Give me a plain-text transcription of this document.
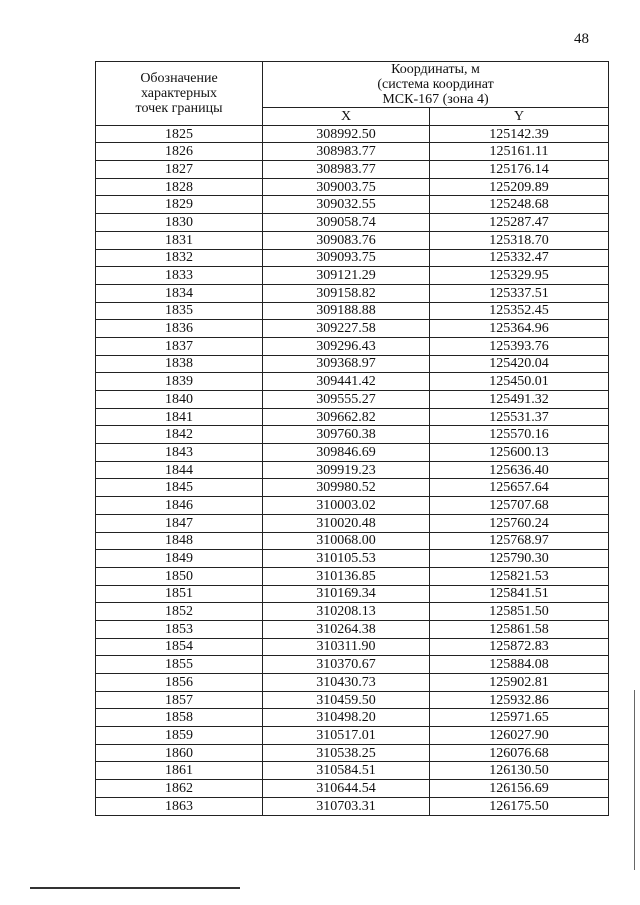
48
Обозначение
характерных
точек границы	Координаты, м
(система координат
МСК-167 (зона 4)	
	X	Y
1825	308992.50	125142.39
1826	308983.77	125161.11
1827	308983.77	125176.14
1828	309003.75	125209.89
1829	309032.55	125248.68
1830	309058.74	125287.47
1831	309083.76	125318.70
1832	309093.75	125332.47
1833	309121.29	125329.95
1834	309158.82	125337.51
1835	309188.88	125352.45
1836	309227.58	125364.96
1837	309296.43	125393.76
1838	309368.97	125420.04
1839	309441.42	125450.01
1840	309555.27	125491.32
1841	309662.82	125531.37
1842	309760.38	125570.16
1843	309846.69	125600.13
1844	309919.23	125636.40
1845	309980.52	125657.64
1846	310003.02	125707.68
1847	310020.48	125760.24
1848	310068.00	125768.97
1849	310105.53	125790.30
1850	310136.85	125821.53
1851	310169.34	125841.51
1852	310208.13	125851.50
1853	310264.38	125861.58
1854	310311.90	125872.83
1855	310370.67	125884.08
1856	310430.73	125902.81
1857	310459.50	125932.86
1858	310498.20	125971.65
1859	310517.01	126027.90
1860	310538.25	126076.68
1861	310584.51	126130.50
1862	310644.54	126156.69
1863	310703.31	126175.50
